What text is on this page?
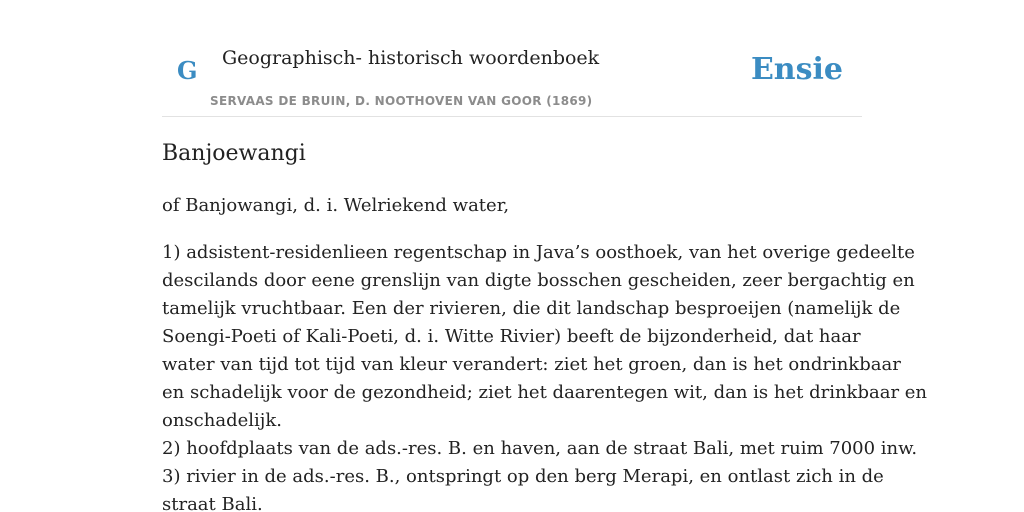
G Geographisch- historisch woordenboek
SERVAAS DE BRUIN, D. NOOTHOVEN VAN GOOR (1869)
Ensie
Banjoewangi

of Banjowangi, d. i. Welriekend water,

1) adsistent-residenlieen regentschap in Java’s oosthoek, van het overige gedeelte
descilands door eene grenslijn van digte bosschen gescheiden, zeer bergachtig en
tamelijk vruchtbaar. Een der rivieren, die dit landschap besproeijen (namelijk de
Soengi-Poeti of Kali-Poeti, d. i. Witte Rivier) beeft de bijzonderheid, dat haar
water van tijd tot tijd van kleur verandert: ziet het groen, dan is het ondrinkbaar
en schadelijk voor de gezondheid; ziet het daarentegen wit, dan is het drinkbaar en
onschadelijk.
2) hoofdplaats van de ads.-res. B. en haven, aan de straat Bali, met ruim 7000 inw.
3) rivier in de ads.-res. B., ontspringt op den berg Merapi, en ontlast zich in de
straat Bali.
